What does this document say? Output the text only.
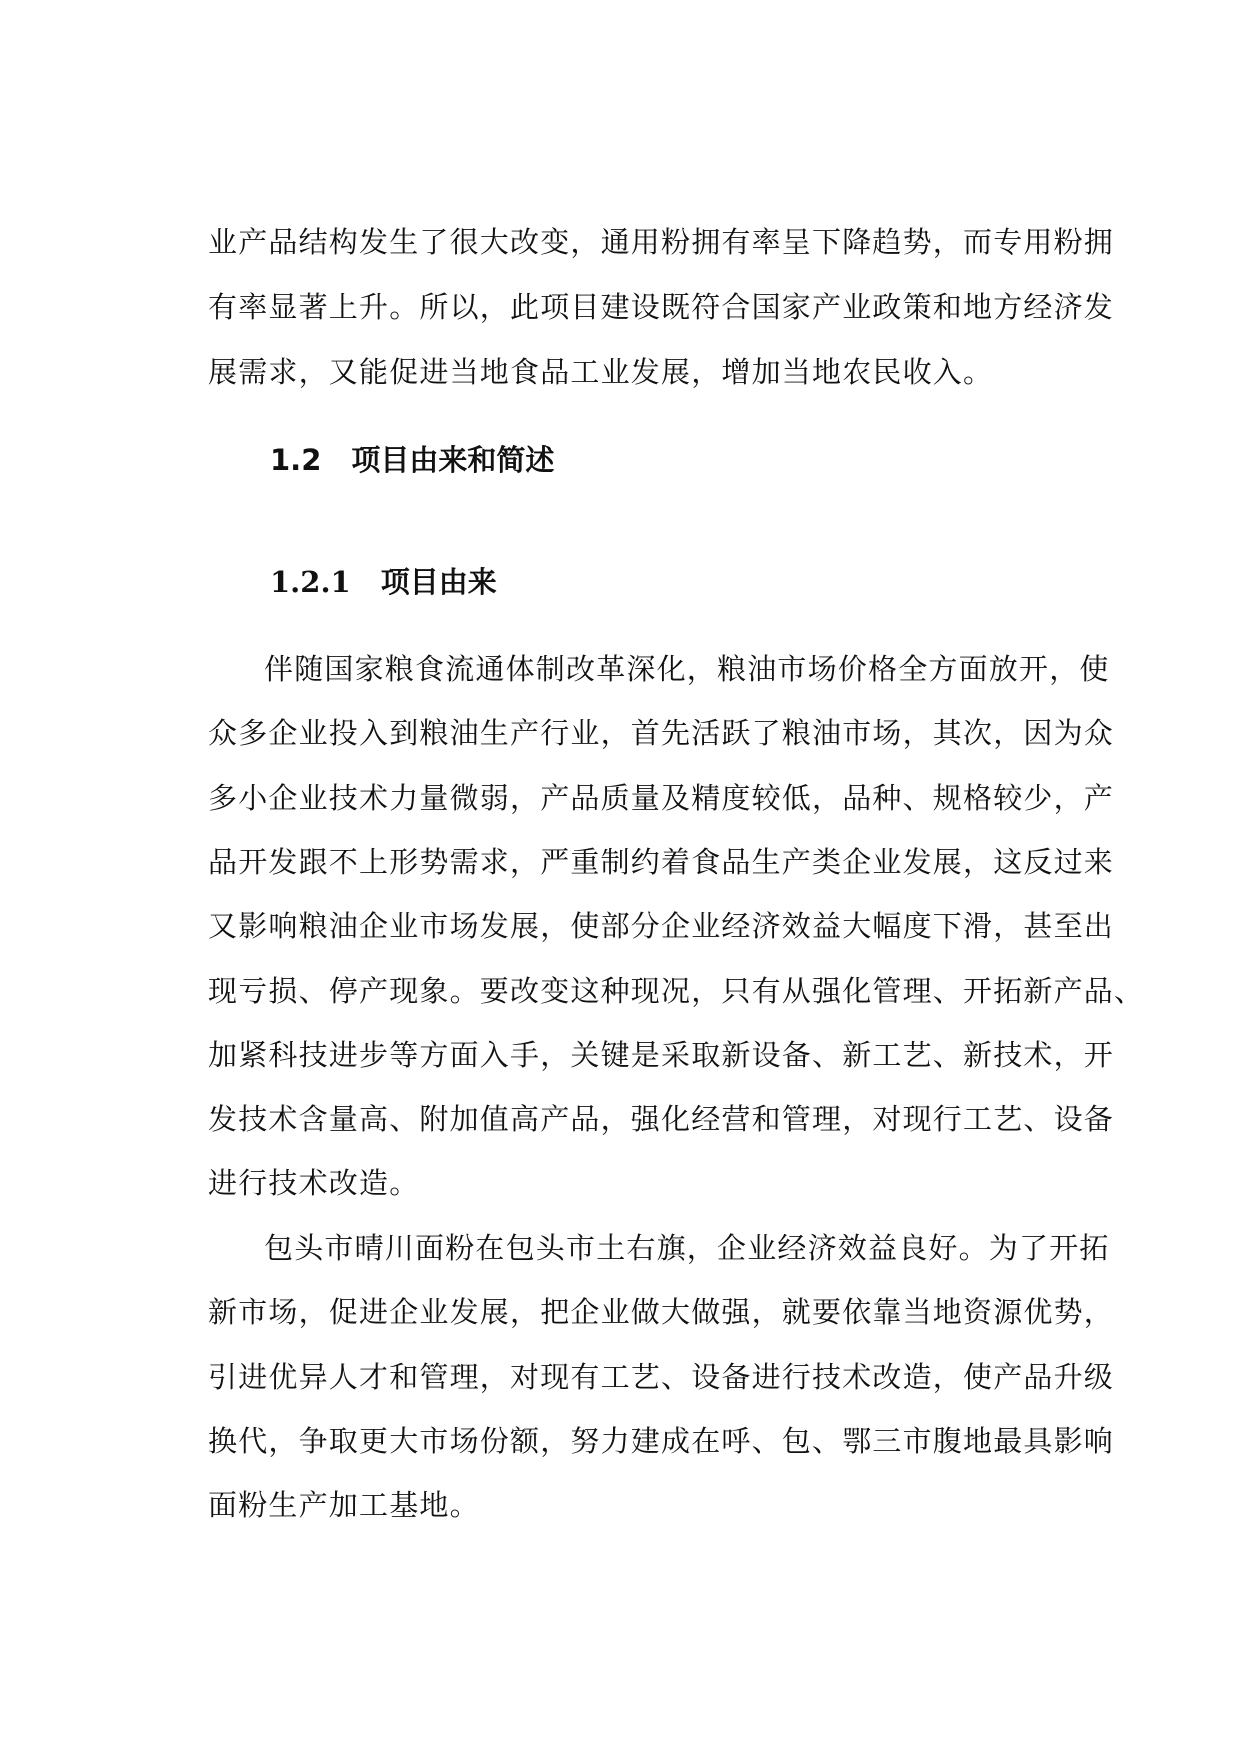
业产品结构发生了很大改变，通用粉拥有率呈下降趋势，而专用粉拥
有率显著上升。所以，此项目建设既符合国家产业政策和地方经济发
展需求，又能促进当地食品工业发展，增加当地农民收入。
1.2 项目由来和简述
1.2.1 项目由来
伴随国家粮食流通体制改革深化，粮油市场价格全方面放开，使
众多企业投入到粮油生产行业，首先活跃了粮油市场，其次，因为众
多小企业技术力量微弱，产品质量及精度较低，品种、规格较少，产
品开发跟不上形势需求，严重制约着食品生产类企业发展，这反过来
又影响粮油企业市场发展，使部分企业经济效益大幅度下滑，甚至出
现亏损、停产现象。要改变这种现况，只有从强化管理、开拓新产品、
加紧科技进步等方面入手，关键是采取新设备、新工艺、新技术，开
发技术含量高、附加值高产品，强化经营和管理，对现行工艺、设备
进行技术改造。
包头市晴川面粉在包头市土右旗，企业经济效益良好。为了开拓
新市场，促进企业发展，把企业做大做强，就要依靠当地资源优势，
引进优异人才和管理，对现有工艺、设备进行技术改造，使产品升级
换代，争取更大市场份额，努力建成在呼、包、鄂三市腹地最具影响
面粉生产加工基地。
